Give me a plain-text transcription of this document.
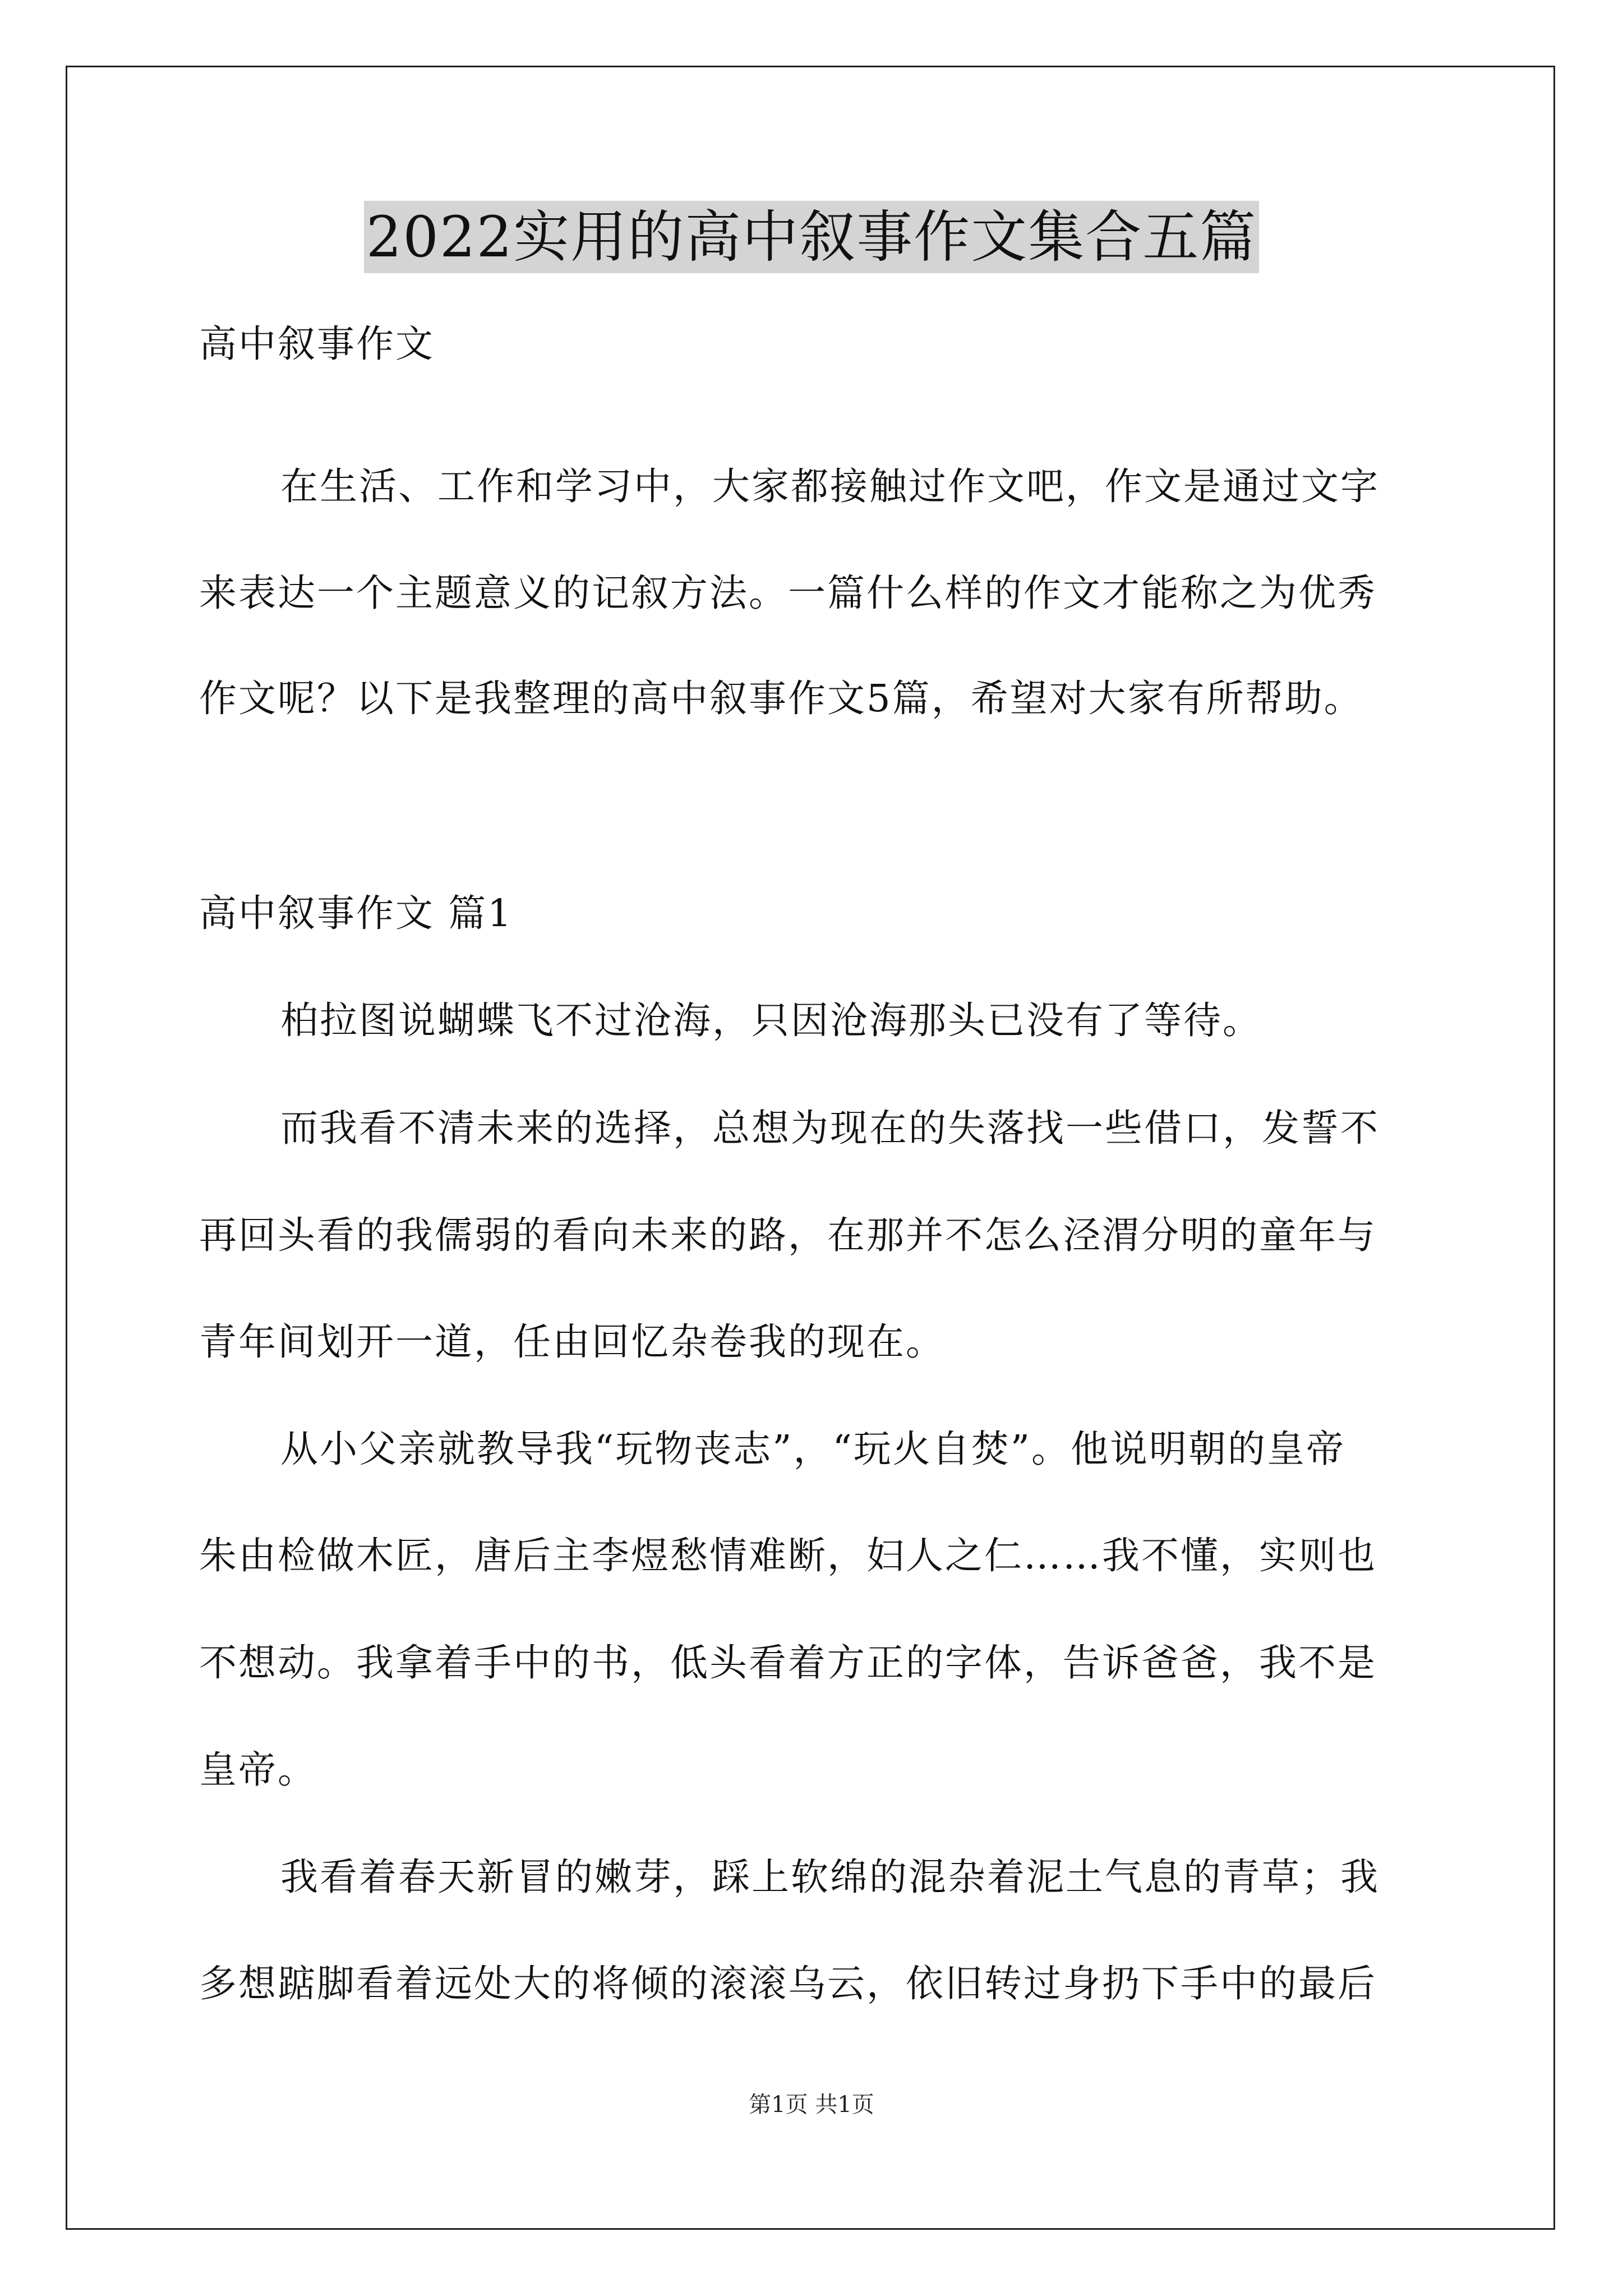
2022实用的高中叙事作文集合五篇
高中叙事作文
在生活、工作和学习中，大家都接触过作文吧，作文是通过文字
来表达一个主题意义的记叙方法。一篇什么样的作文才能称之为优秀
作文呢？以下是我整理的高中叙事作文5篇，希望对大家有所帮助。
高中叙事作文 篇1
柏拉图说蝴蝶飞不过沧海，只因沧海那头已没有了等待。
而我看不清未来的选择，总想为现在的失落找一些借口，发誓不
再回头看的我儒弱的看向未来的路，在那并不怎么泾渭分明的童年与
青年间划开一道，任由回忆杂卷我的现在。
从小父亲就教导我“玩物丧志”，“玩火自焚”。他说明朝的皇帝
朱由检做木匠，唐后主李煜愁情难断，妇人之仁……我不懂，实则也
不想动。我拿着手中的书，低头看着方正的字体，告诉爸爸，我不是
皇帝。
我看着春天新冒的嫩芽，踩上软绵的混杂着泥土气息的青草；我
多想踮脚看着远处大的将倾的滚滚乌云，依旧转过身扔下手中的最后
第1页 共1页
